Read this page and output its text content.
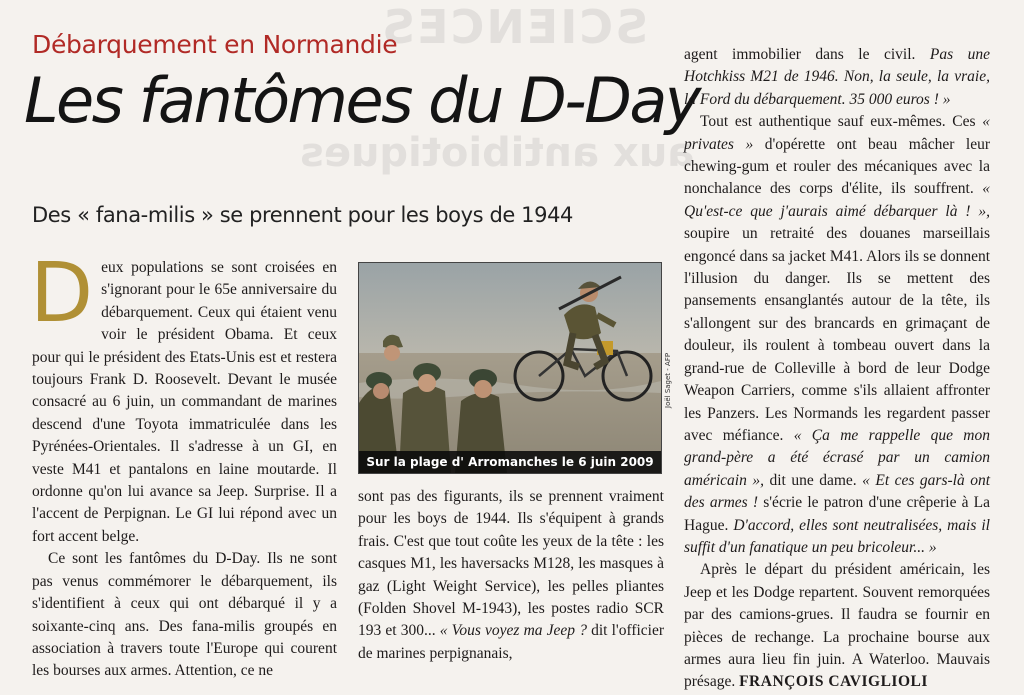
SCIENCES
aux antibiotiques
Débarquement en Normandie
Les fantômes du D-Day
Des « fana-milis » se prennent pour les boys de 1944

Deux populations se sont croisées en s'ignorant pour le 65e anniversaire du débarquement. Ceux qui étaient venu voir le président Obama. Et ceux pour qui le président des Etats-Unis est et restera toujours Frank D. Roosevelt. Devant le musée consacré au 6 juin, un commandant de marines descend d'une Toyota immatriculée dans les Pyrénées-Orientales. Il s'adresse à un GI, en veste M41 et pantalons en laine moutarde. Il ordonne qu'on lui avance sa Jeep. Surprise. Il a l'accent de Perpignan. Le GI lui répond avec un fort accent belge.

Ce sont les fantômes du D-Day. Ils ne sont pas venus commémorer le débarquement, ils s'identifient à ceux qui ont débarqué il y a soixante-cinq ans. Des fana-milis groupés en association à travers toute l'Europe qui courent les bourses aux armes. Attention, ce ne

Sur la plage d' Arromanches le 6 juin 2009
Joël Saget - AFP

sont pas des figurants, ils se prennent vraiment pour les boys de 1944. Ils s'équipent à grands frais. C'est que tout coûte les yeux de la tête : les casques M1, les haversacks M128, les masques à gaz (Light Weight Service), les pelles pliantes (Folden Shovel M-1943), les postes radio SCR 193 et 300... « Vous voyez ma Jeep ? dit l'officier de marines perpignanais,

agent immobilier dans le civil. Pas une Hotchkiss M21 de 1946. Non, la seule, la vraie, la Ford du débarquement. 35 000 euros ! »

Tout est authentique sauf eux-mêmes. Ces « privates » d'opérette ont beau mâcher leur chewing-gum et rouler des mécaniques avec la nonchalance des corps d'élite, ils souffrent. « Qu'est-ce que j'aurais aimé débarquer là ! », soupire un retraité des douanes marseillais engoncé dans sa jacket M41. Alors ils se donnent l'illusion du danger. Ils se mettent des pansements ensanglantés autour de la tête, ils s'allongent sur des brancards en grimaçant de douleur, ils roulent à tombeau ouvert dans la grand-rue de Colleville à bord de leur Dodge Weapon Carriers, comme s'ils allaient affronter les Panzers. Les Normands les regardent passer avec méfiance. « Ça me rappelle que mon grand-père a été écrasé par un camion américain », dit une dame. « Et ces gars-là ont des armes ! s'écrie le patron d'une crêperie à La Hague. D'accord, elles sont neutralisées, mais il suffit d'un fanatique un peu bricoleur... »

Après le départ du président américain, les Jeep et les Dodge repartent. Souvent remorquées par des camions-grues. Il faudra se fournir en pièces de rechange. La prochaine bourse aux armes aura lieu fin juin. A Waterloo. Mauvais présage. FRANÇOIS CAVIGLIOLI
